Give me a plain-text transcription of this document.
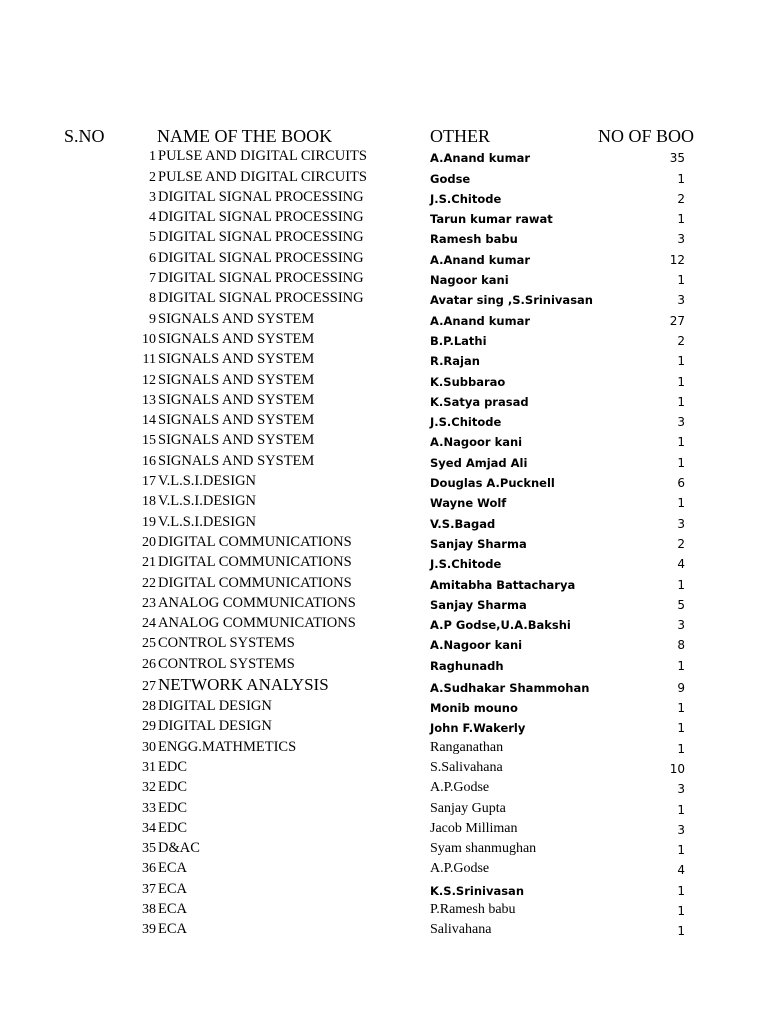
S.NO	NAME OF THE BOOK	OTHER	NO OF BOO
1 PULSE AND DIGITAL CIRCUITS	A.Anand kumar	35
2 PULSE AND DIGITAL CIRCUITS	Godse	1
3 DIGITAL SIGNAL PROCESSING	J.S.Chitode	2
4 DIGITAL SIGNAL PROCESSING	Tarun kumar rawat	1
5 DIGITAL SIGNAL PROCESSING	Ramesh babu	3
6 DIGITAL SIGNAL PROCESSING	A.Anand kumar	12
7 DIGITAL SIGNAL PROCESSING	Nagoor kani	1
8 DIGITAL SIGNAL PROCESSING	Avatar sing ,S.Srinivasan	3
9 SIGNALS AND SYSTEM	A.Anand kumar	27
10 SIGNALS AND SYSTEM	B.P.Lathi	2
11 SIGNALS AND SYSTEM	R.Rajan	1
12 SIGNALS AND SYSTEM	K.Subbarao	1
13 SIGNALS AND SYSTEM	K.Satya prasad	1
14 SIGNALS AND SYSTEM	J.S.Chitode	3
15 SIGNALS AND SYSTEM	A.Nagoor kani	1
16 SIGNALS AND SYSTEM	Syed Amjad Ali	1
17 V.L.S.I.DESIGN	Douglas A.Pucknell	6
18 V.L.S.I.DESIGN	Wayne Wolf	1
19 V.L.S.I.DESIGN	V.S.Bagad	3
20 DIGITAL COMMUNICATIONS	Sanjay Sharma	2
21 DIGITAL COMMUNICATIONS	J.S.Chitode	4
22 DIGITAL COMMUNICATIONS	Amitabha Battacharya	1
23 ANALOG COMMUNICATIONS	Sanjay Sharma	5
24 ANALOG COMMUNICATIONS	A.P Godse,U.A.Bakshi	3
25 CONTROL SYSTEMS	A.Nagoor kani	8
26 CONTROL SYSTEMS	Raghunadh	1
27 NETWORK ANALYSIS	A.Sudhakar Shammohan	9
28 DIGITAL DESIGN	Monib mouno	1
29 DIGITAL DESIGN	John F.Wakerly	1
30 ENGG.MATHMETICS	Ranganathan	1
31 EDC	S.Salivahana	10
32 EDC	A.P.Godse	3
33 EDC	Sanjay Gupta	1
34 EDC	Jacob Milliman	3
35 D&AC	Syam shanmughan	1
36 ECA	A.P.Godse	4
37 ECA	K.S.Srinivasan	1
38 ECA	P.Ramesh babu	1
39 ECA	Salivahana	1
